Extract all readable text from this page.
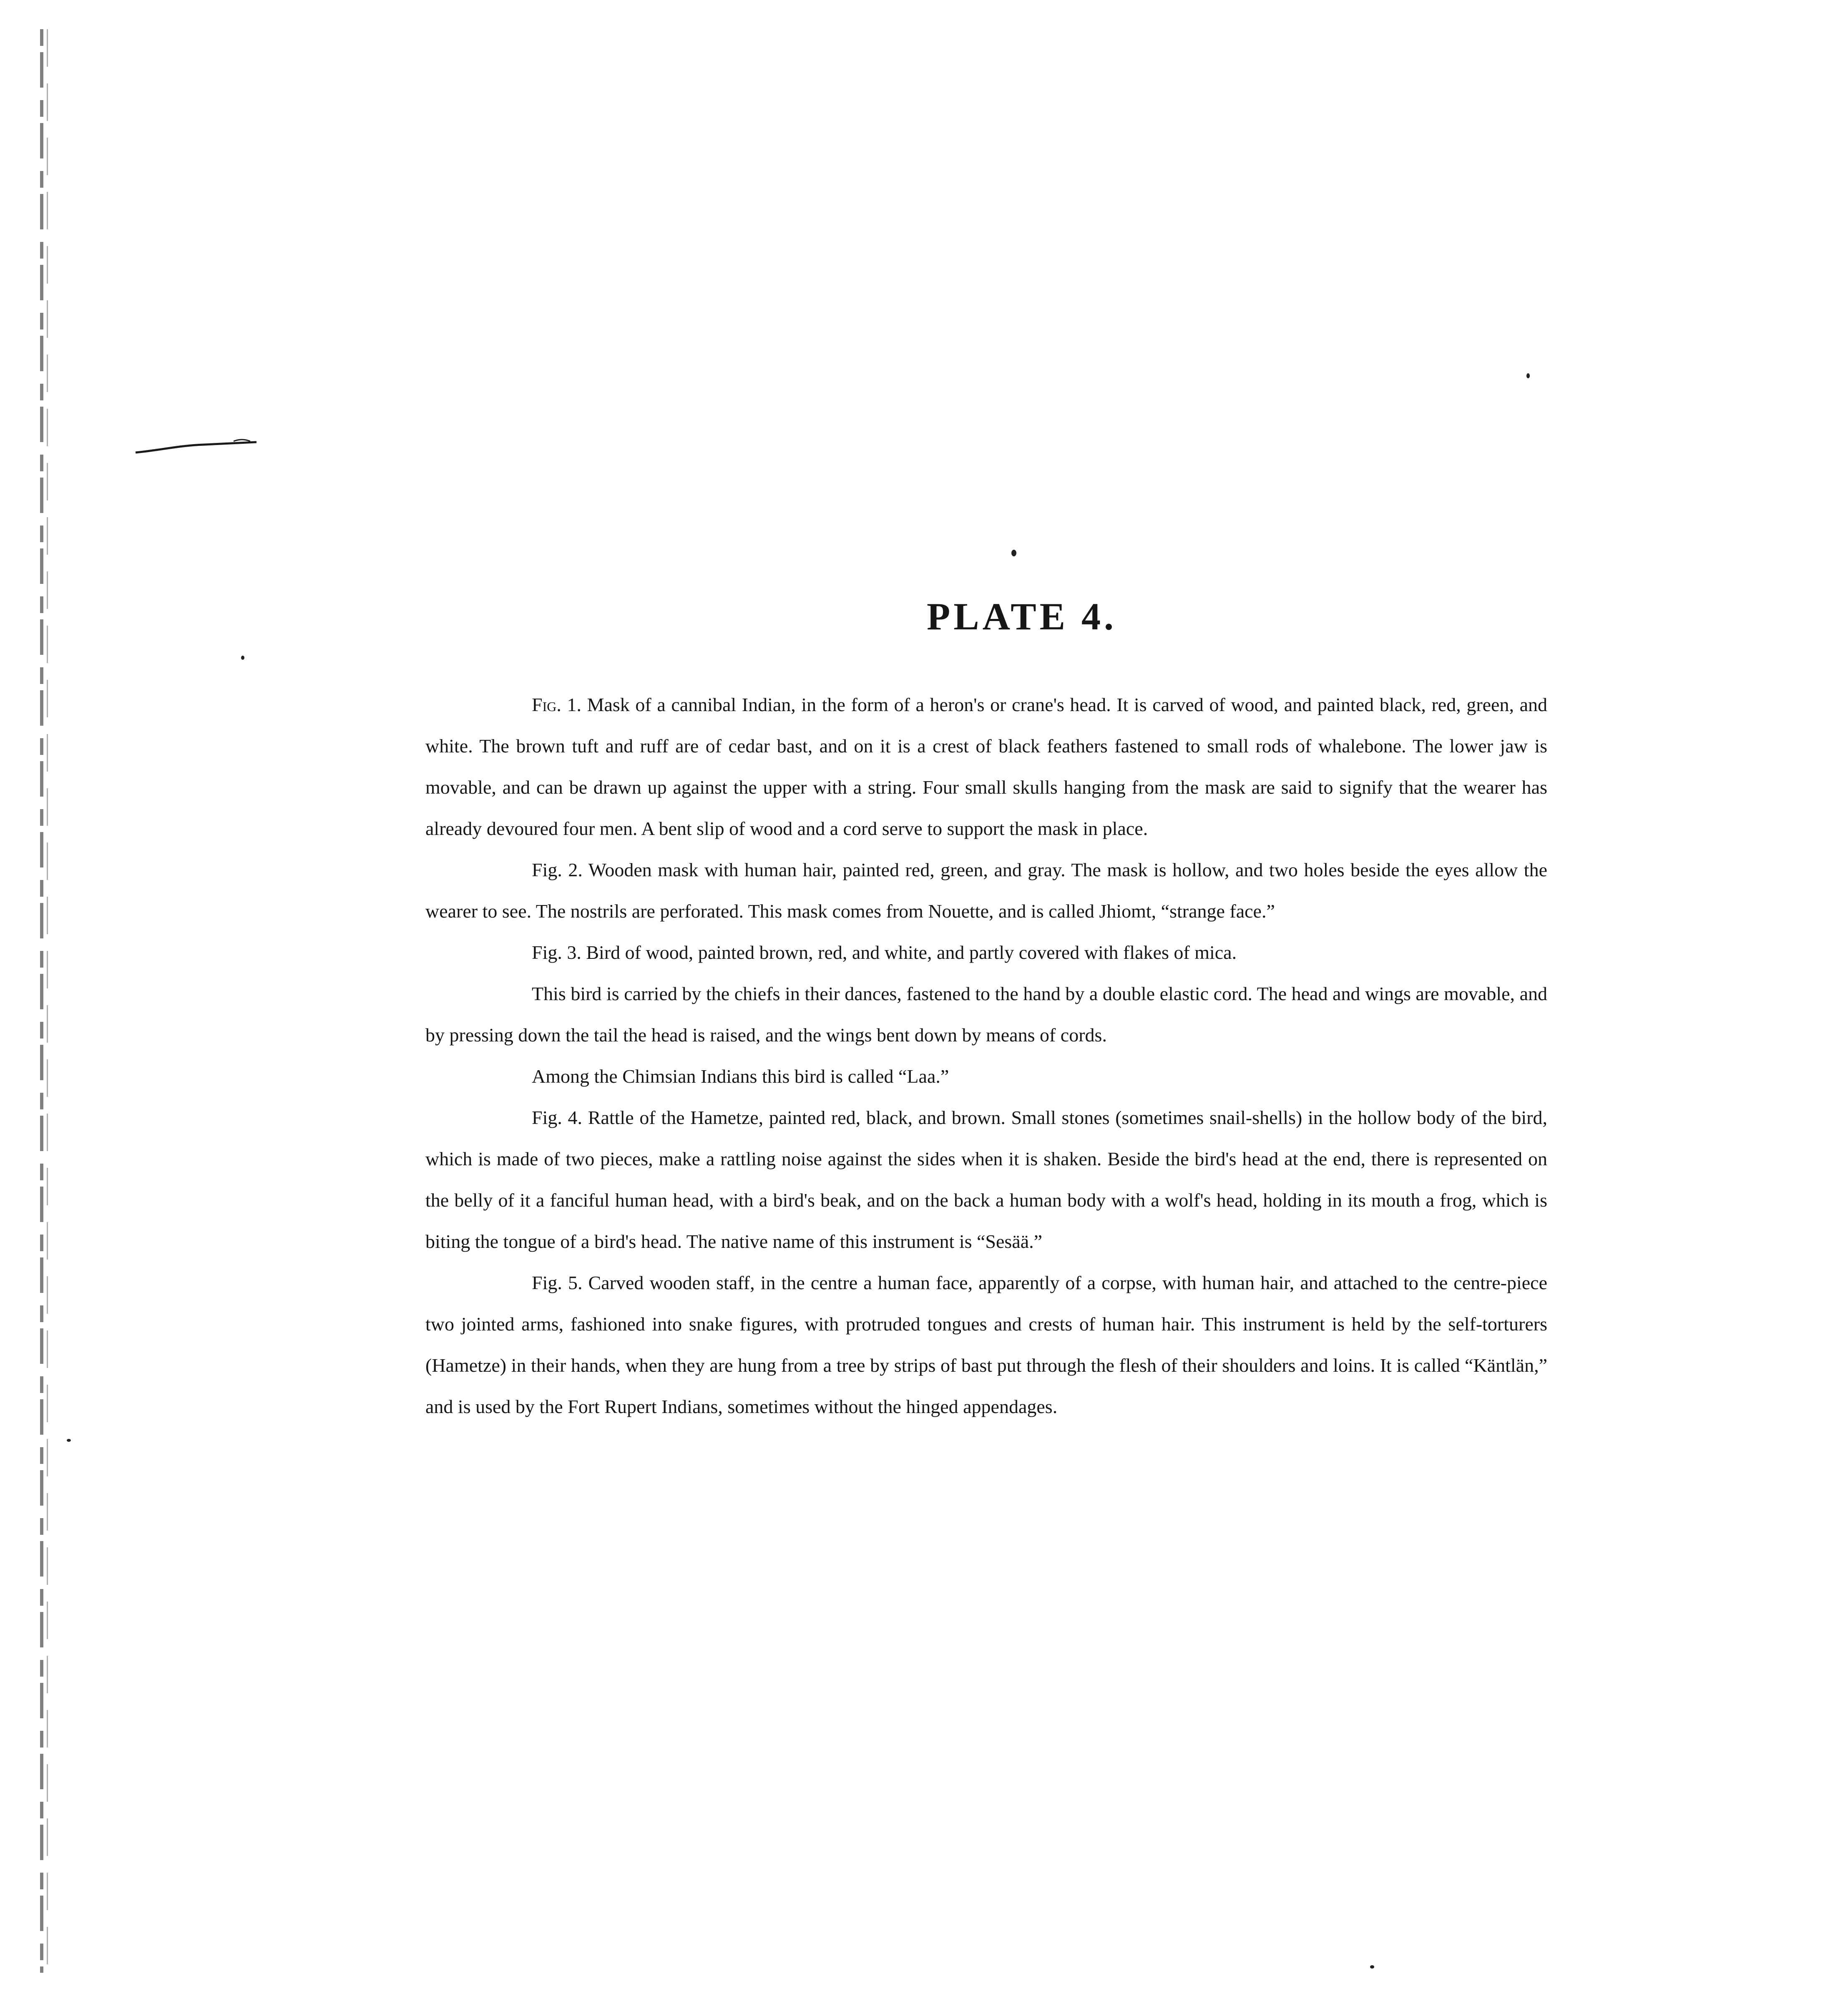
PLATE 4.

Fig. 1. Mask of a cannibal Indian, in the form of a heron's or crane's head. It is carved of wood, and painted black, red, green, and white. The brown tuft and ruff are of cedar bast, and on it is a crest of black feathers fastened to small rods of whalebone. The lower jaw is movable, and can be drawn up against the upper with a string. Four small skulls hanging from the mask are said to signify that the wearer has already devoured four men. A bent slip of wood and a cord serve to support the mask in place.

Fig. 2. Wooden mask with human hair, painted red, green, and gray. The mask is hollow, and two holes beside the eyes allow the wearer to see. The nostrils are perforated. This mask comes from Nouette, and is called Jhiomt, “strange face.”

Fig. 3. Bird of wood, painted brown, red, and white, and partly covered with flakes of mica.

This bird is carried by the chiefs in their dances, fastened to the hand by a double elastic cord. The head and wings are movable, and by pressing down the tail the head is raised, and the wings bent down by means of cords.

Among the Chimsian Indians this bird is called “Laa.”

Fig. 4. Rattle of the Hametze, painted red, black, and brown. Small stones (sometimes snail-shells) in the hollow body of the bird, which is made of two pieces, make a rattling noise against the sides when it is shaken. Beside the bird's head at the end, there is represented on the belly of it a fanciful human head, with a bird's beak, and on the back a human body with a wolf's head, holding in its mouth a frog, which is biting the tongue of a bird's head. The native name of this instrument is “Sesää.”

Fig. 5. Carved wooden staff, in the centre a human face, apparently of a corpse, with human hair, and attached to the centre-piece two jointed arms, fashioned into snake figures, with protruded tongues and crests of human hair. This instrument is held by the self-torturers (Hametze) in their hands, when they are hung from a tree by strips of bast put through the flesh of their shoulders and loins. It is called “Käntlän,” and is used by the Fort Rupert Indians, sometimes without the hinged appendages.
